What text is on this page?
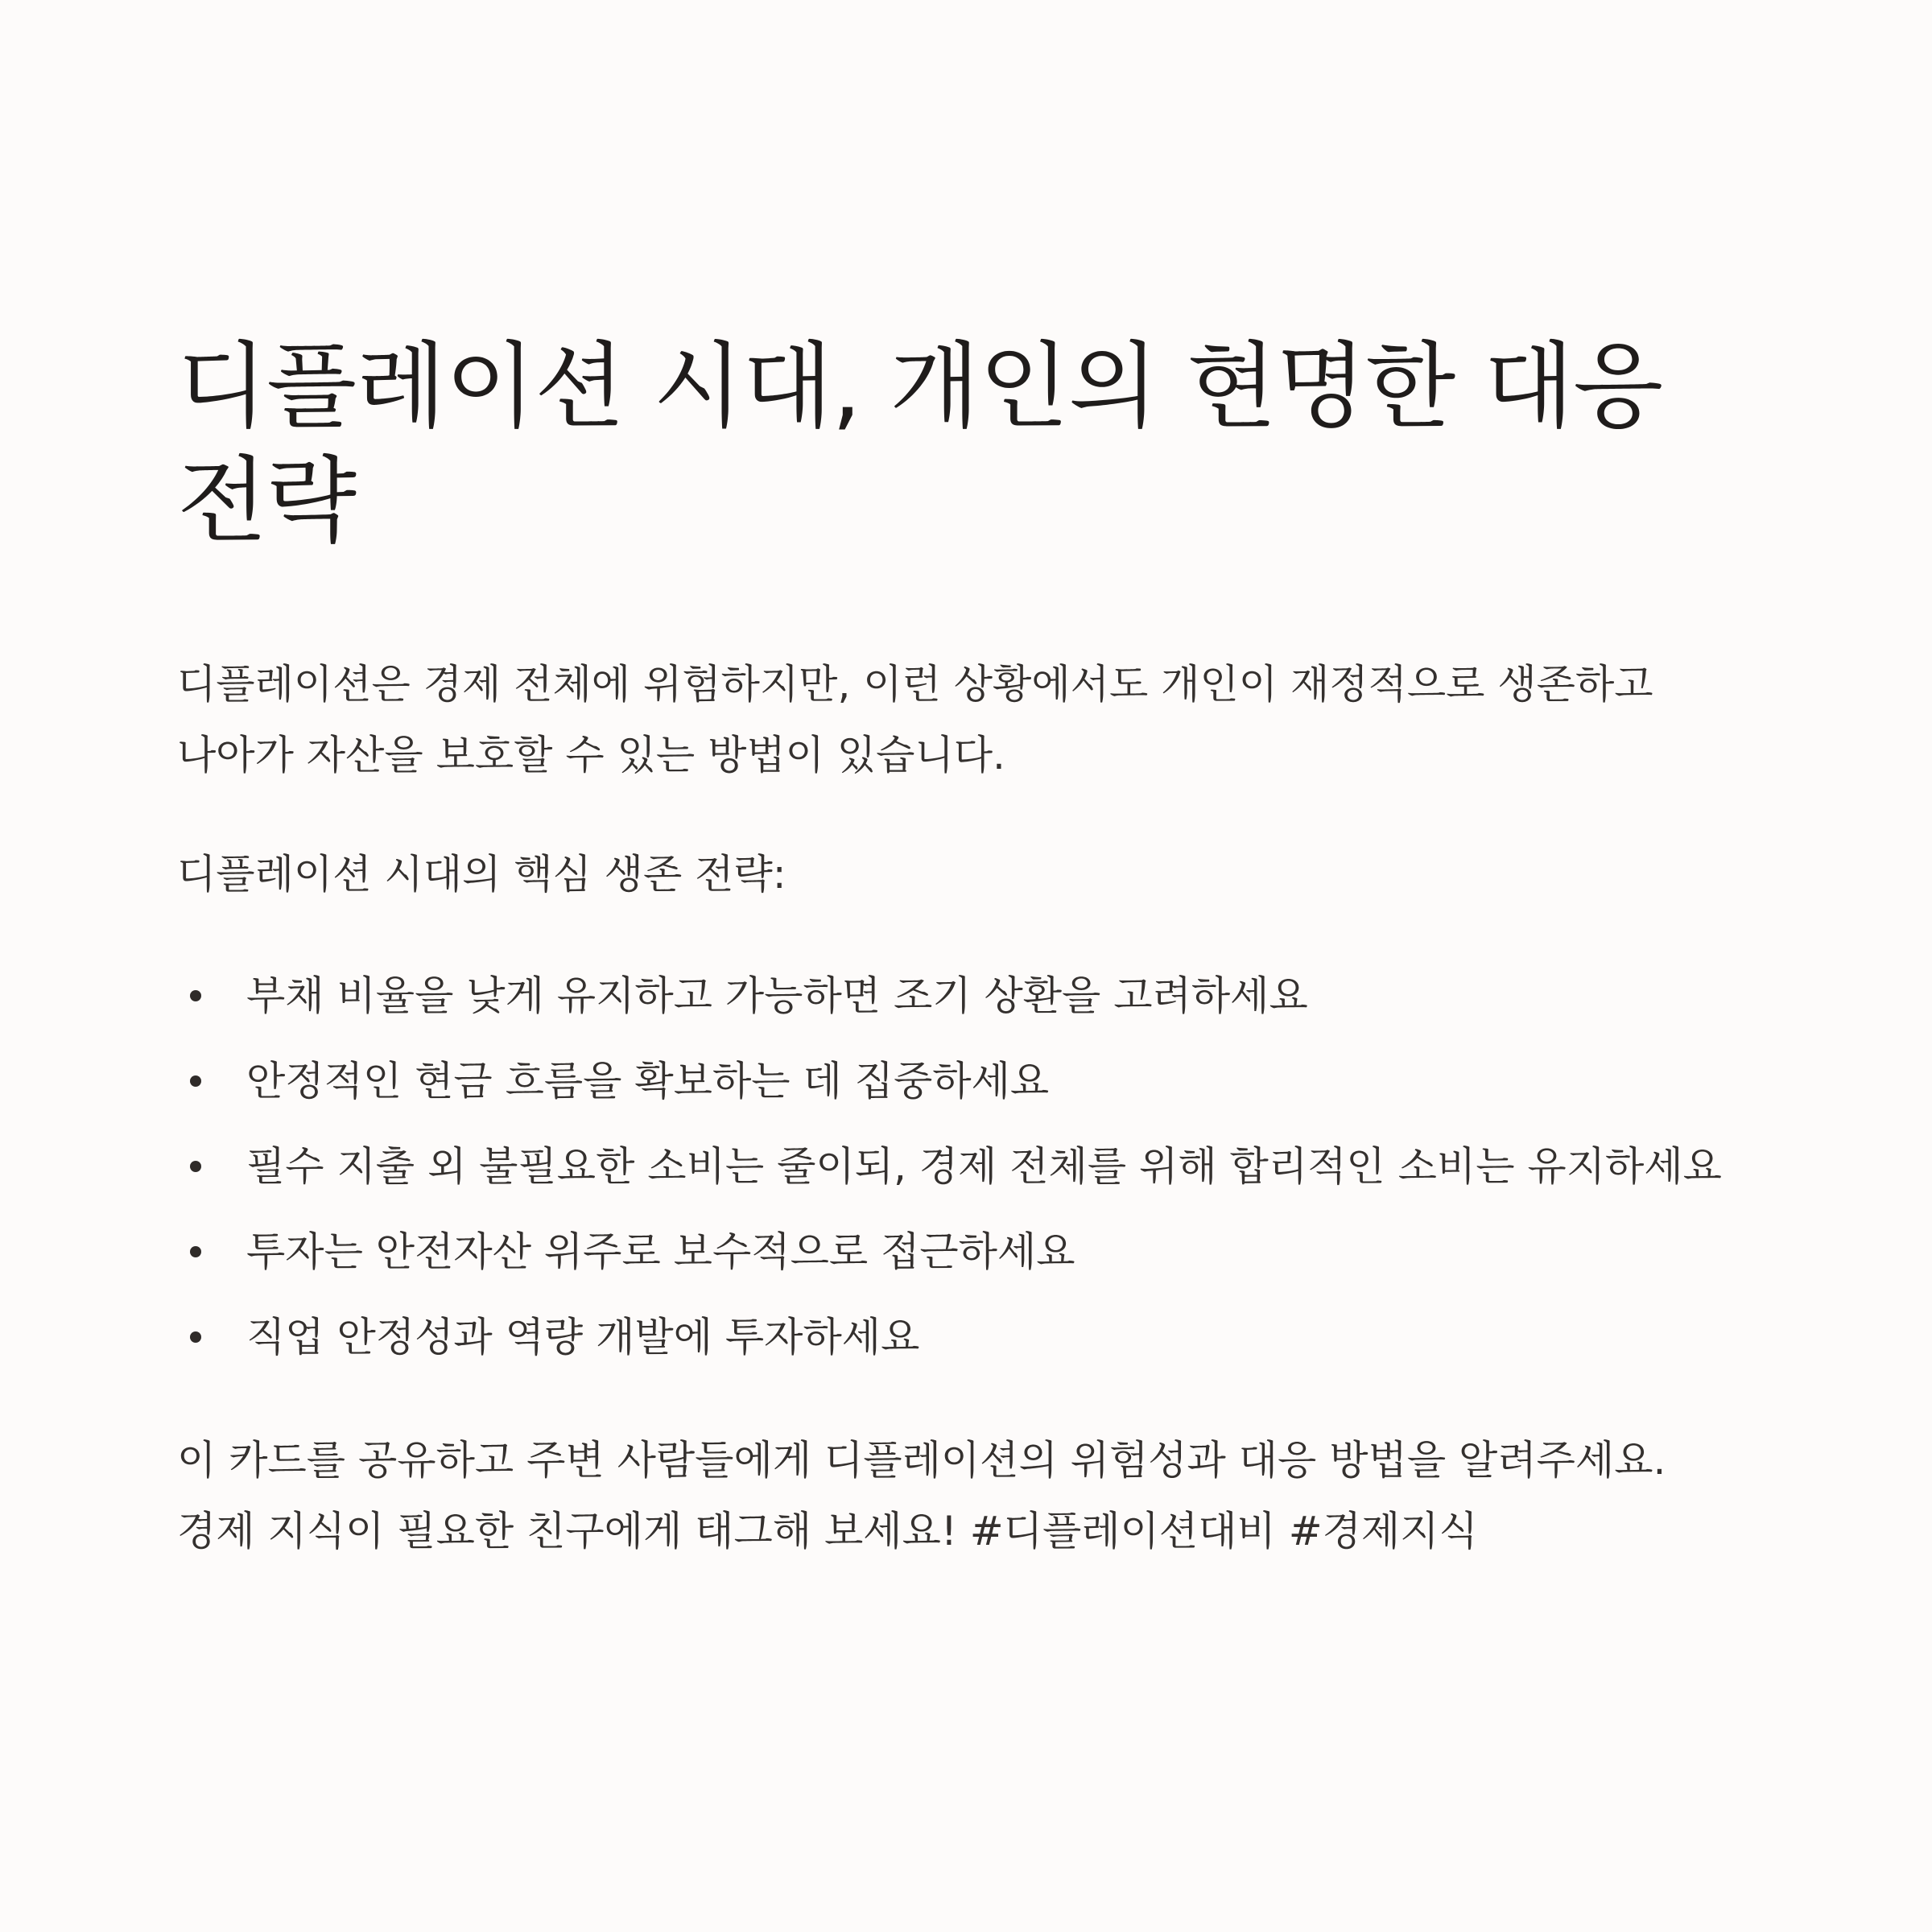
디플레이션 시대, 개인의 현명한 대응 전략

디플레이션은 경제 전체에 위험하지만, 이런 상황에서도 개인이 재정적으로 생존하고 나아가 자산을 보호할 수 있는 방법이 있습니다.

디플레이션 시대의 핵심 생존 전략:

부채 비율을 낮게 유지하고 가능하면 조기 상환을 고려하세요
안정적인 현금 흐름을 확보하는 데 집중하세요
필수 지출 외 불필요한 소비는 줄이되, 경제 전체를 위해 합리적인 소비는 유지하세요
투자는 안전자산 위주로 보수적으로 접근하세요
직업 안정성과 역량 개발에 투자하세요

이 카드를 공유하고 주변 사람들에게 디플레이션의 위험성과 대응 방법을 알려주세요. 경제 지식이 필요한 친구에게 태그해 보세요! #디플레이션대비 #경제지식
